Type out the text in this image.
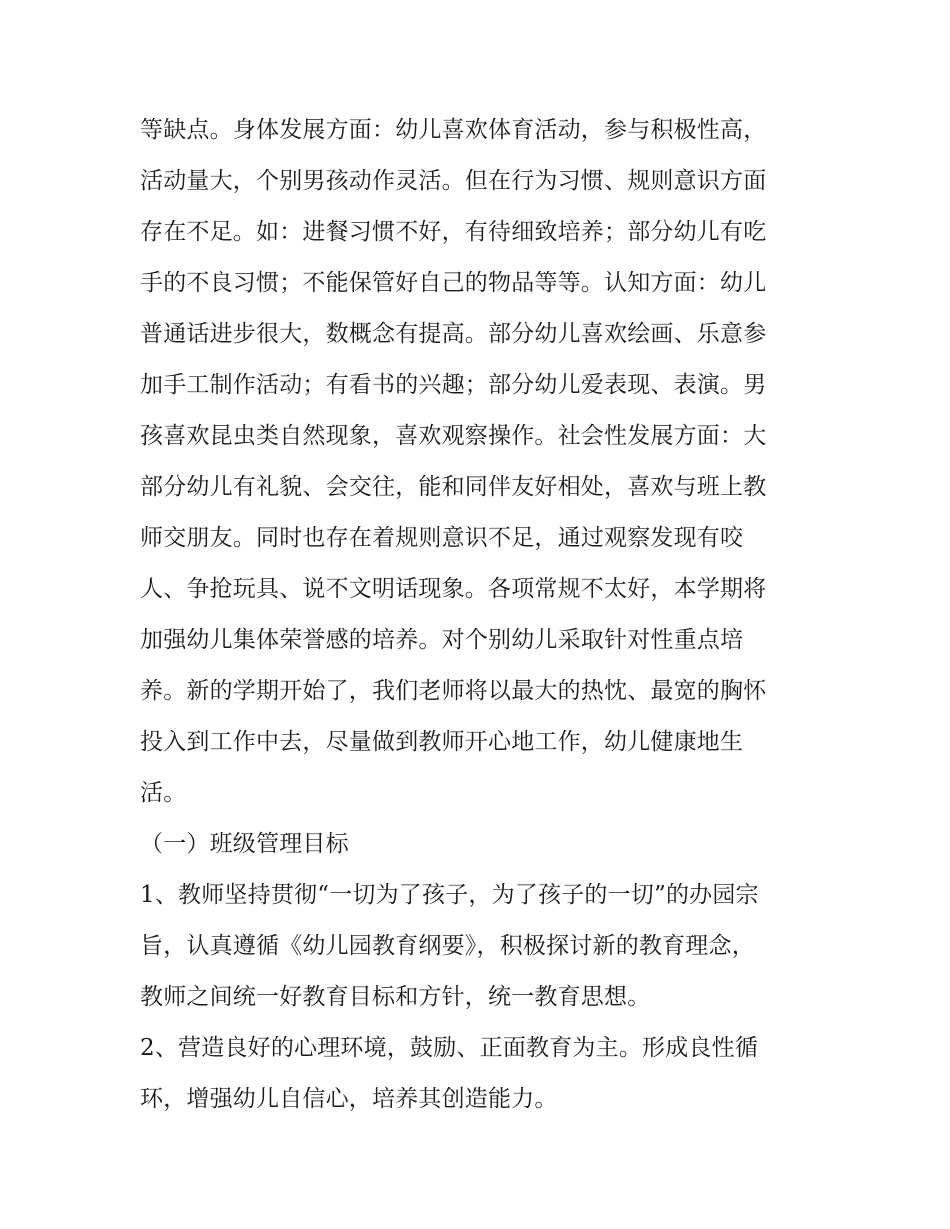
等缺点。身体发展方面：幼儿喜欢体育活动，参与积极性高，
活动量大，个别男孩动作灵活。但在行为习惯、规则意识方面
存在不足。如：进餐习惯不好，有待细致培养；部分幼儿有吃
手的不良习惯；不能保管好自己的物品等等。认知方面：幼儿
普通话进步很大，数概念有提高。部分幼儿喜欢绘画、乐意参
加手工制作活动；有看书的兴趣；部分幼儿爱表现、表演。男
孩喜欢昆虫类自然现象，喜欢观察操作。社会性发展方面：大
部分幼儿有礼貌、会交往，能和同伴友好相处，喜欢与班上教
师交朋友。同时也存在着规则意识不足，通过观察发现有咬
人、争抢玩具、说不文明话现象。各项常规不太好，本学期将
加强幼儿集体荣誉感的培养。对个别幼儿采取针对性重点培
养。新的学期开始了，我们老师将以最大的热忱、最宽的胸怀
投入到工作中去，尽量做到教师开心地工作，幼儿健康地生
活。
（一）班级管理目标
1、教师坚持贯彻“一切为了孩子，为了孩子的一切”的办园宗
旨，认真遵循《幼儿园教育纲要》，积极探讨新的教育理念，
教师之间统一好教育目标和方针，统一教育思想。
2、营造良好的心理环境，鼓励、正面教育为主。形成良性循
环，增强幼儿自信心，培养其创造能力。
